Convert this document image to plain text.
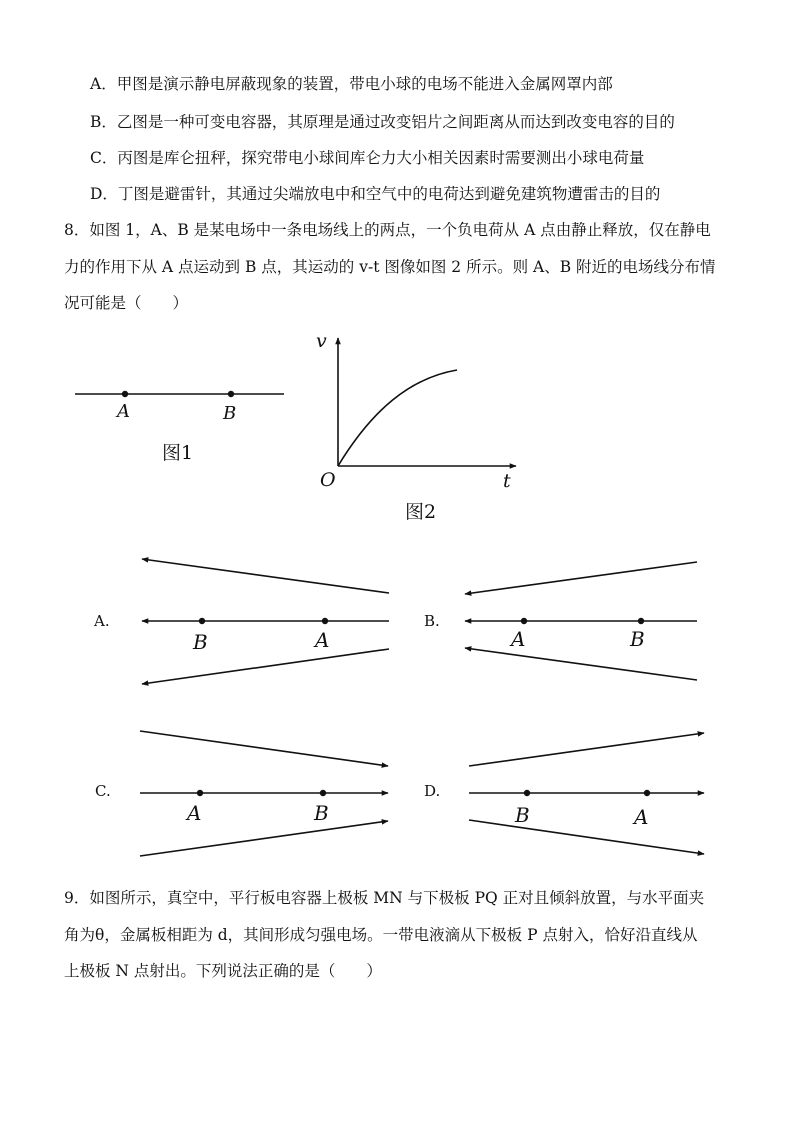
A．甲图是演示静电屏蔽现象的装置，带电小球的电场不能进入金属网罩内部
B．乙图是一种可变电容器，其原理是通过改变铝片之间距离从而达到改变电容的目的
C．丙图是库仑扭秤，探究带电小球间库仑力大小相关因素时需要测出小球电荷量
D．丁图是避雷针，其通过尖端放电中和空气中的电荷达到避免建筑物遭雷击的目的
8．如图 1，A、B 是某电场中一条电场线上的两点，一个负电荷从 A 点由静止释放，仅在静电
力的作用下从 A 点运动到 B 点，其运动的 v-t 图像如图 2 所示。则 A、B 附近的电场线分布情
况可能是（　　）
A	B
图1
v
t
O
图2
A.
B	A
B.
A	B
C.
A	B
D.
B	A
9．如图所示，真空中，平行板电容器上极板 MN 与下极板 PQ 正对且倾斜放置，与水平面夹
角为θ，金属板相距为 d，其间形成匀强电场。一带电液滴从下极板 P 点射入，恰好沿直线从
上极板 N 点射出。下列说法正确的是（　　）
